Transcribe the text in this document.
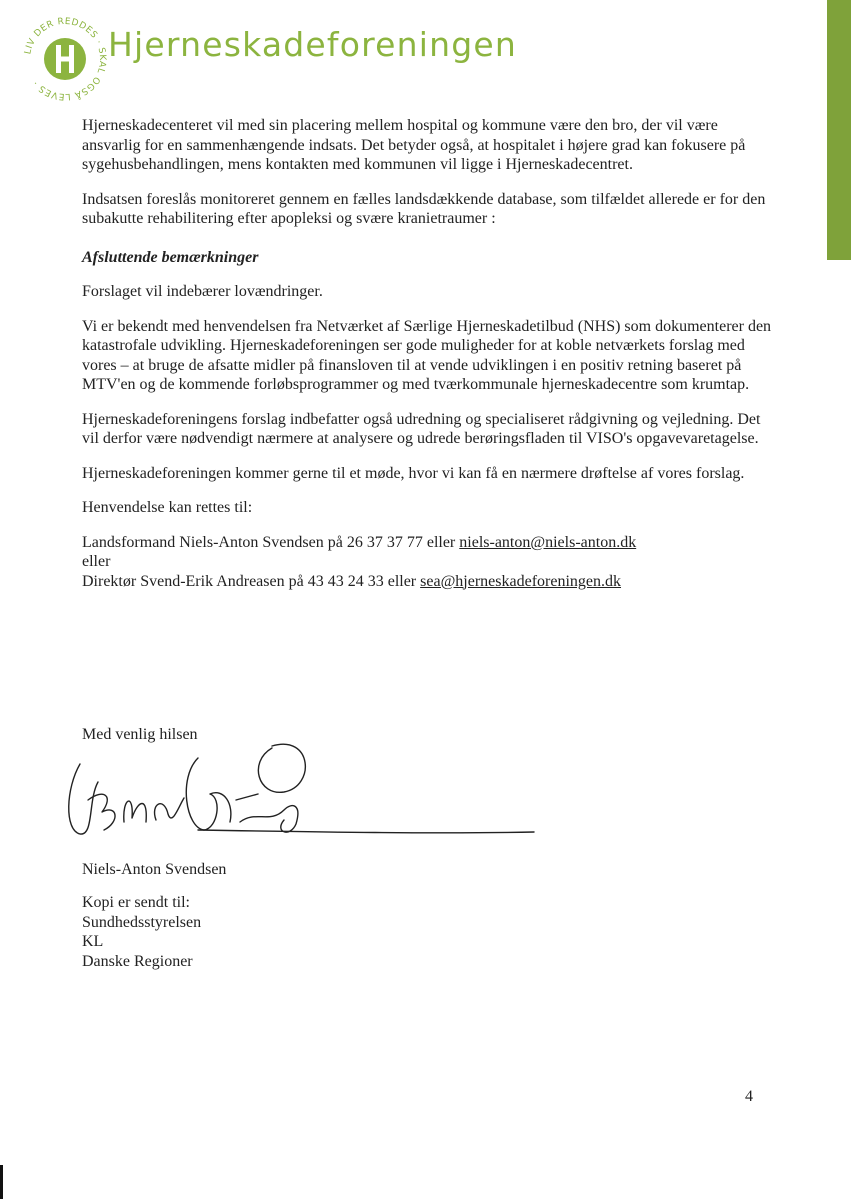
LIV DER REDDES · SKAL OGSÅ LEVES ·
Hjerneskadeforeningen

Hjerneskadecenteret vil med sin placering mellem hospital og kommune være den bro, der vil være ansvarlig for en sammenhængende indsats. Det betyder også, at hospitalet i højere grad kan fokusere på sygehusbehandlingen, mens kontakten med kommunen vil ligge i Hjerneskadecentret.

Indsatsen foreslås monitoreret gennem en fælles landsdækkende database, som tilfældet allerede er for den subakutte rehabilitering efter apopleksi og svære kranietraumer :

Afsluttende bemærkninger

Forslaget vil indebærer lovændringer.

Vi er bekendt med henvendelsen fra Netværket af Særlige Hjerneskadetilbud (NHS) som dokumenterer den katastrofale udvikling. Hjerneskadeforeningen ser gode muligheder for at koble netværkets forslag med vores – at bruge de afsatte midler på finansloven til at vende udviklingen i en positiv retning baseret på MTV'en og de kommende forløbsprogrammer og med tværkommunale hjerneskadecentre som krumtap.

Hjerneskadeforeningens forslag indbefatter også udredning og specialiseret rådgivning og vejledning. Det vil derfor være nødvendigt nærmere at analysere og udrede berøringsfladen til VISO's opgavevaretagelse.

Hjerneskadeforeningen kommer gerne til et møde, hvor vi kan få en nærmere drøftelse af vores forslag.

Henvendelse kan rettes til:

Landsformand Niels-Anton Svendsen på 26 37 37 77 eller niels-anton@niels-anton.dk

eller

Direktør Svend-Erik Andreasen på 43 43 24 33 eller sea@hjerneskadeforeningen.dk

Med venlig hilsen
Niels-Anton Svendsen

Kopi er sendt til:

Sundhedsstyrelsen

KL

Danske Regioner

4
